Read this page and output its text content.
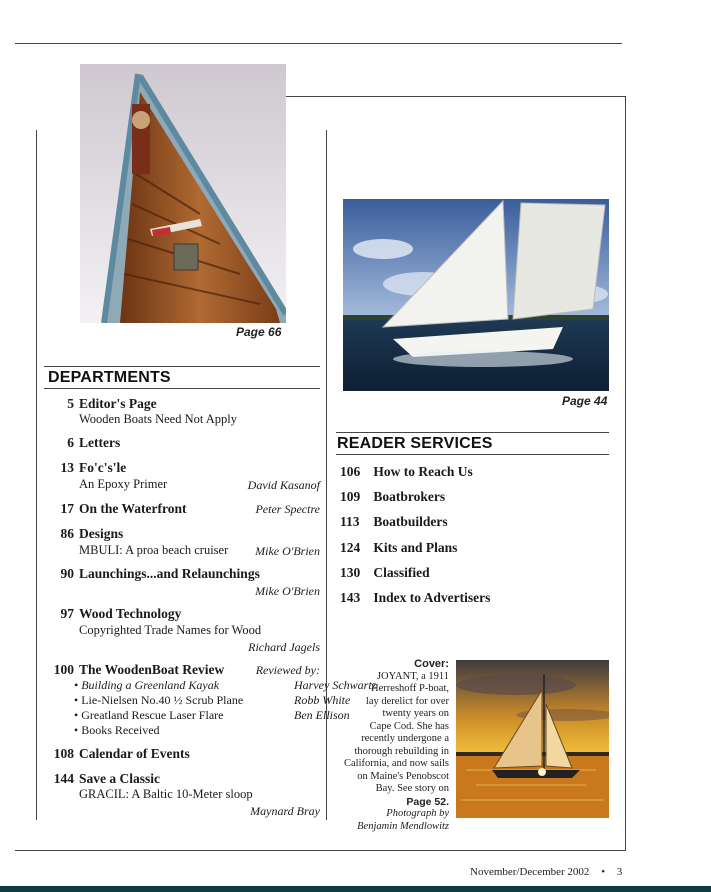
Page 66
Page 44
DEPARTMENTS
5 Editor's Page
Wooden Boats Need Not Apply
6 Letters
13 Fo'c's'le
An Epoxy Primer	David Kasanof
17 On the Waterfront	Peter Spectre
86 Designs
MBULI: A proa beach cruiser Mike O'Brien
90 Launchings...and Relaunchings
Mike O'Brien
97 Wood Technology
Copyrighted Trade Names for Wood
Richard Jagels
100 The WoodenBoat Review	Reviewed by:
• Building a Greenland Kayak	Harvey Schwartz
• Lie-Nielsen No.40 ½ Scrub Plane	Robb White
• Greatland Rescue Laser Flare	Ben Ellison
• Books Received
108 Calendar of Events
144 Save a Classic
GRACIL: A Baltic 10-Meter sloop
Maynard Bray
READER SERVICES
106 How to Reach Us
109 Boatbrokers
113 Boatbuilders
124 Kits and Plans
130 Classified
143 Index to Advertisers
Cover:
JOYANT, a 1911
Herreshoff P-boat,
lay derelict for over
twenty years on
Cape Cod. She has
recently undergone a
thorough rebuilding in
California, and now sails
on Maine's Penobscot
Bay. See story on
Page 52.
Photograph by
Benjamin Mendlowitz
November/December 2002 • 3
